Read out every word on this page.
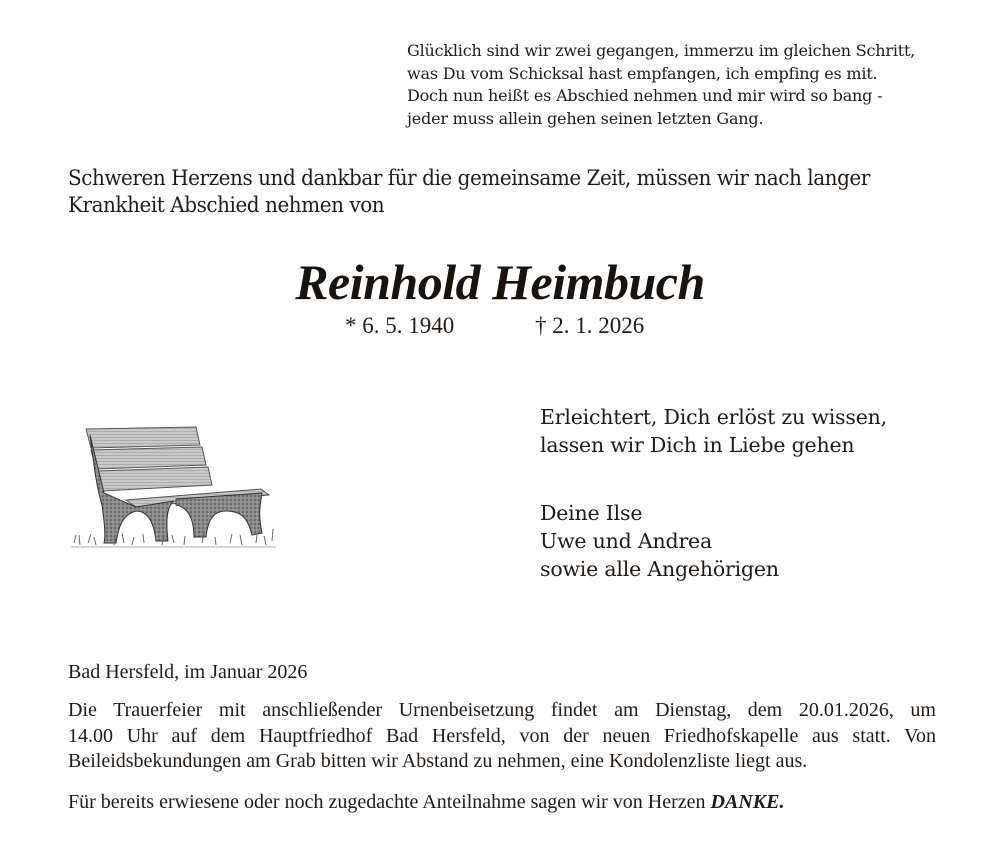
Glücklich sind wir zwei gegangen, immerzu im gleichen Schritt,
was Du vom Schicksal hast empfangen, ich empfing es mit.
Doch nun heißt es Abschied nehmen und mir wird so bang -
jeder muss allein gehen seinen letzten Gang.
Schweren Herzens und dankbar für die gemeinsame Zeit, müssen wir nach langer
Krankheit Abschied nehmen von
Reinhold Heimbuch
* 6. 5. 1940	† 2. 1. 2026
Erleichtert, Dich erlöst zu wissen,
lassen wir Dich in Liebe gehen
Deine Ilse
Uwe und Andrea
sowie alle Angehörigen
Bad Hersfeld, im Januar 2026
Die Trauerfeier mit anschließender Urnenbeisetzung findet am Dienstag, dem 20.01.2026, um
14.00 Uhr auf dem Hauptfriedhof Bad Hersfeld, von der neuen Friedhofskapelle aus statt. Von
Beileidsbekundungen am Grab bitten wir Abstand zu nehmen, eine Kondolenzliste liegt aus.
Für bereits erwiesene oder noch zugedachte Anteilnahme sagen wir von Herzen DANKE.
